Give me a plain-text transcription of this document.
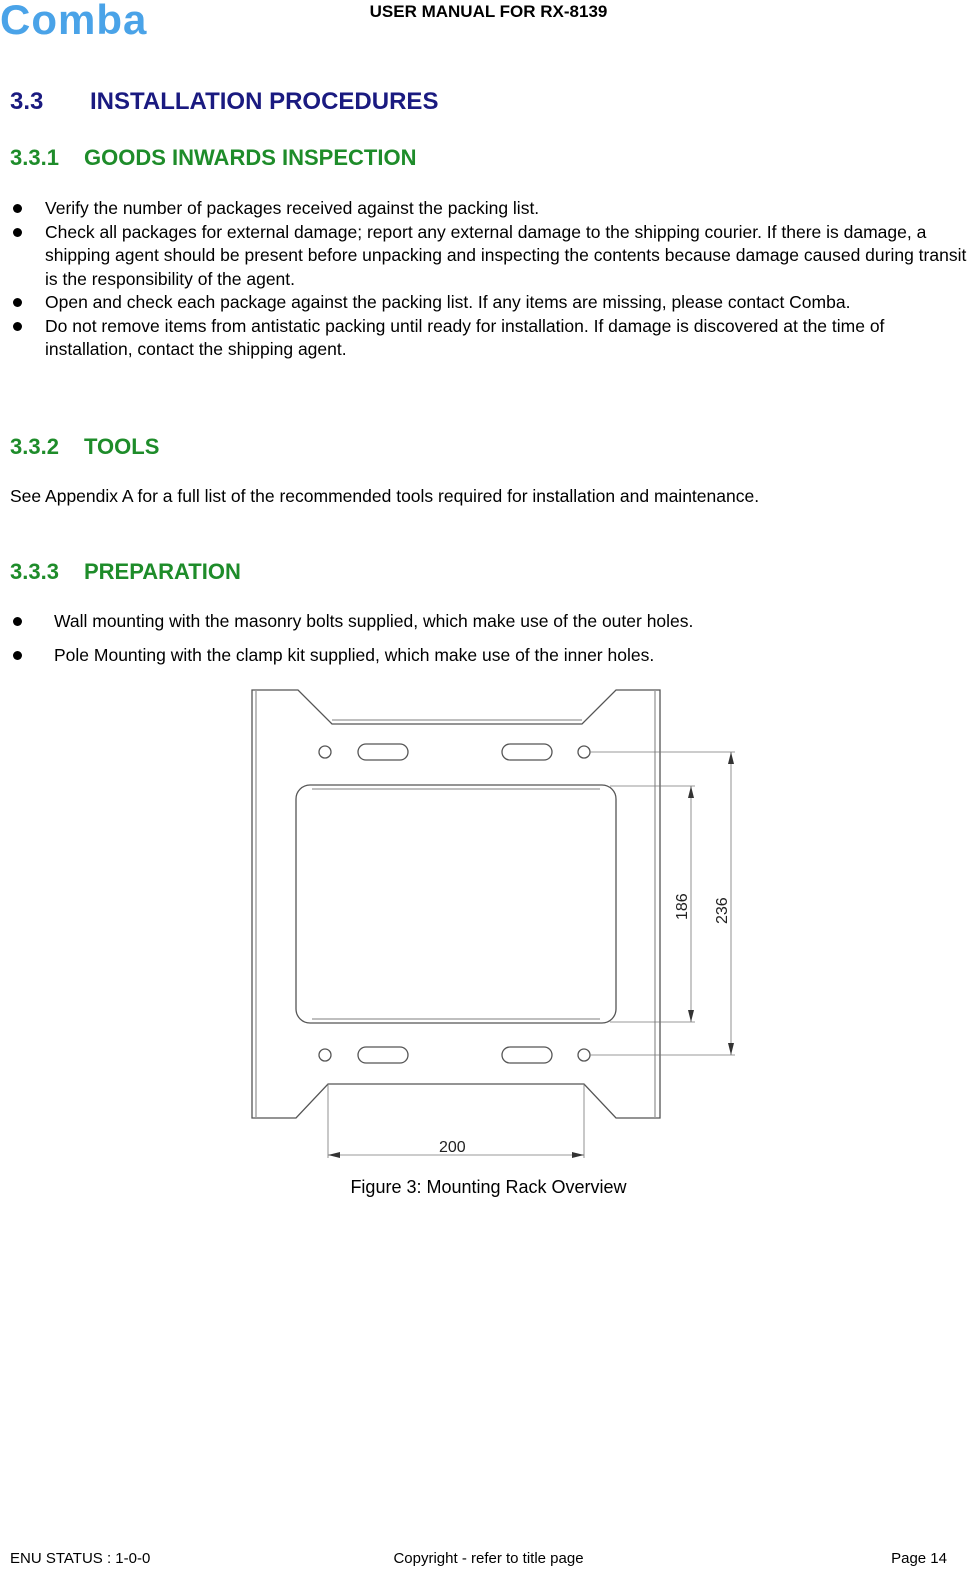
Comba	USER MANUAL FOR RX-8139
3.3 INSTALLATION PROCEDURES
3.3.1 GOODS INWARDS INSPECTION
Verify the number of packages received against the packing list.
Check all packages for external damage; report any external damage to the shipping courier. If there is damage, a shipping agent should be present before unpacking and inspecting the contents because damage caused during transit is the responsibility of the agent.
Open and check each package against the packing list. If any items are missing, please contact Comba.
Do not remove items from antistatic packing until ready for installation. If damage is discovered at the time of installation, contact the shipping agent.
3.3.2 TOOLS
See Appendix A for a full list of the recommended tools required for installation and maintenance.
3.3.3 PREPARATION
Wall mounting with the masonry bolts supplied, which make use of the outer holes.
Pole Mounting with the clamp kit supplied, which make use of the inner holes.
186 236
200
Figure 3: Mounting Rack Overview
ENU STATUS : 1-0-0	Copyright - refer to title page	Page 14
